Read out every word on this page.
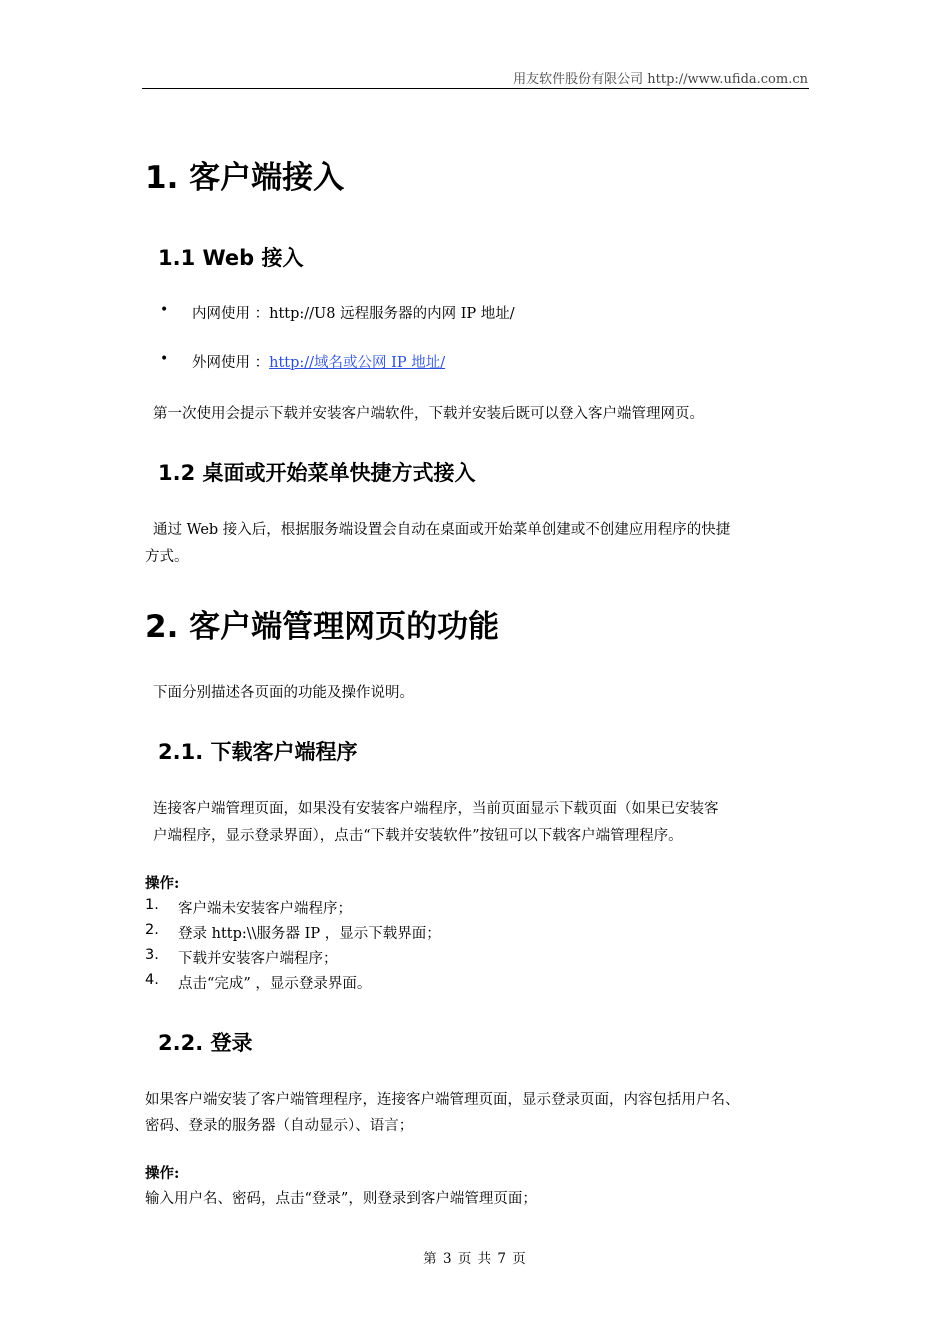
用友软件股份有限公司 http://www.ufida.com.cn
1. 客户端接入
1.1 Web 接入
• 内网使用 ：http://U8 远程服务器的内网 IP 地址/
• 外网使用 ：http://域名或公网 IP 地址/
第一次使用会提示下载并安装客户端软件，下载并安装后既可以登入客户端管理网页。
1.2 桌面或开始菜单快捷方式接入
通过 Web 接入后，根据服务端设置会自动在桌面或开始菜单创建或不创建应用程序的快捷
方式。
2. 客户端管理网页的功能
下面分别描述各页面的功能及操作说明。
2.1. 下载客户端程序
连接客户端管理页面，如果没有安装客户端程序，当前页面显示下载页面（如果已安装客
户端程序，显示登录界面），点击“下载并安装软件”按钮可以下载客户端管理程序。
操作:
1. 客户端未安装客户端程序；
2. 登录 http:\\服务器 IP ，显示下载界面；
3. 下载并安装客户端程序；
4. 点击“完成” ，显示登录界面。
2.2. 登录
如果客户端安装了客户端管理程序，连接客户端管理页面，显示登录页面，内容包括用户名、
密码、登录的服务器（自动显示）、语言；
操作:
输入用户名、密码，点击“登录”，则登录到客户端管理页面；
第 3 页 共 7 页
